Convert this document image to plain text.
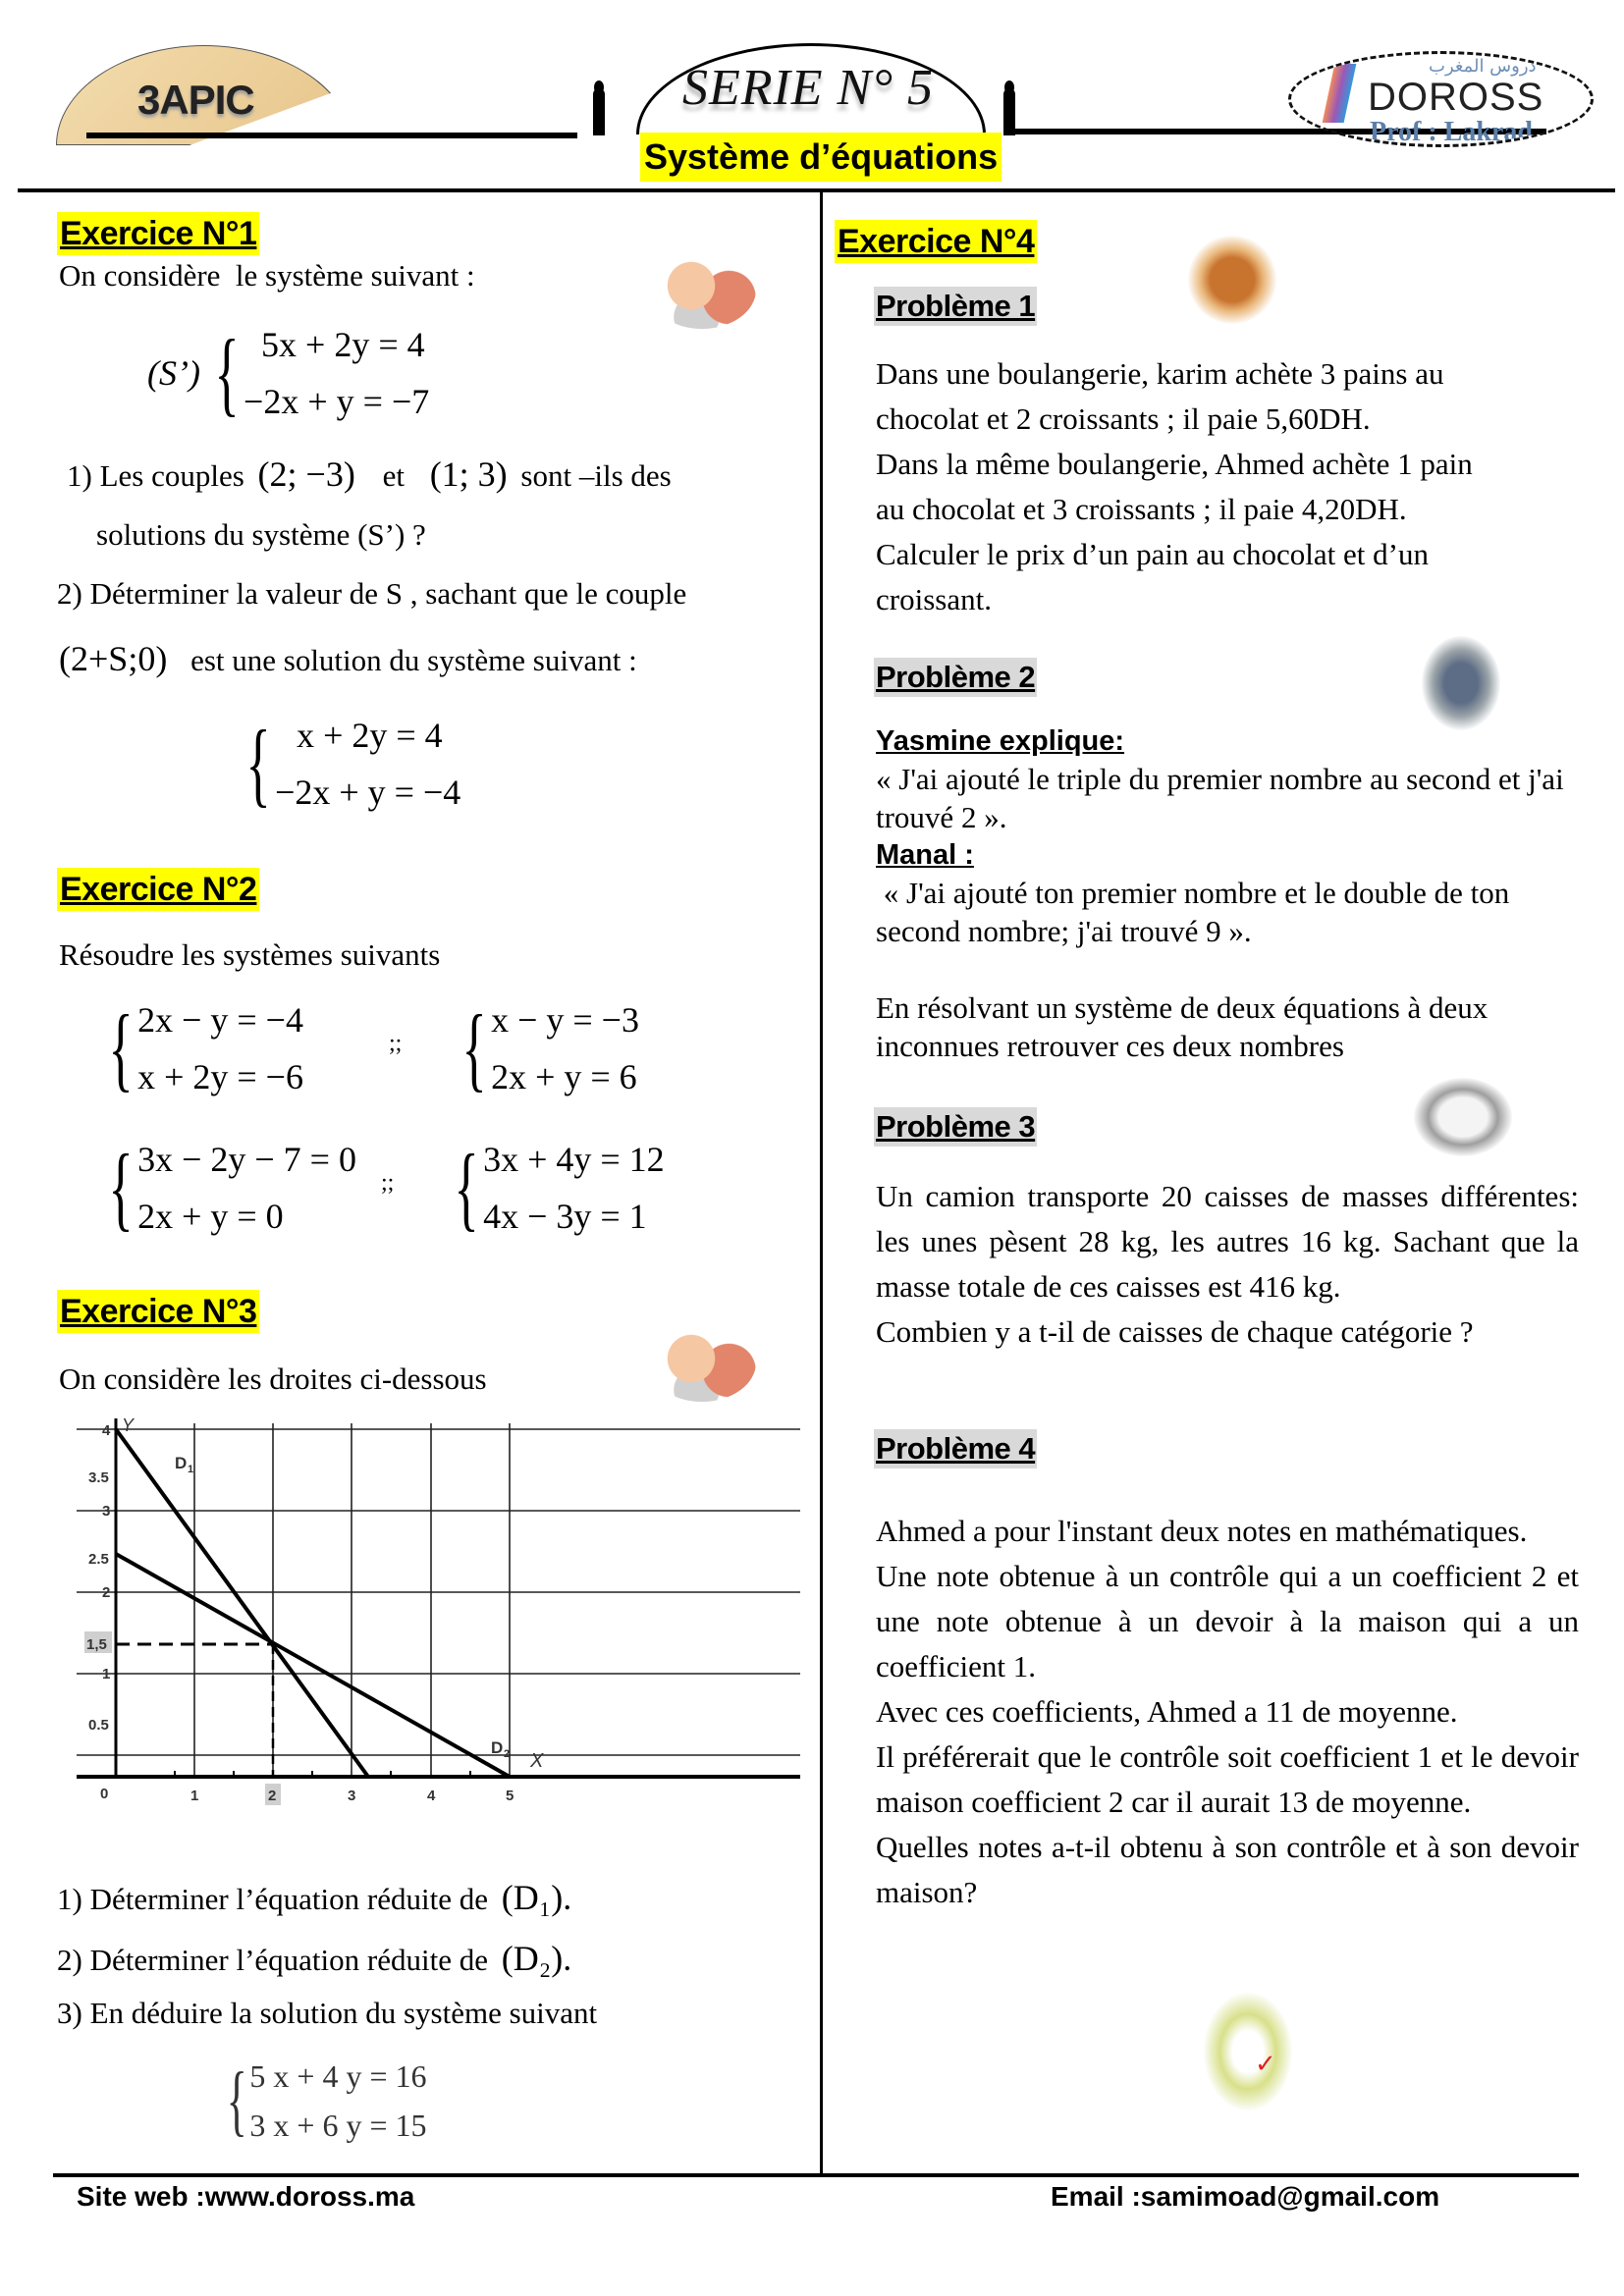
3APIC	SERIE N° 5
Système d’équations
دروس المغرب
DOROSS
Prof : Lakrad
Exercice N°1
On considère  le système suivant :
(S’) { 5x + 2y = 4
−2x + y = −7
1) Les couples (2; −3) et (1; 3) sont –ils des
solutions du système (S’) ?
2) Déterminer la valeur de S , sachant que le couple
(2+S;0) est une solution du système suivant :
{ x + 2y = 4
−2x + y = −4
Exercice N°2
Résoudre les systèmes suivants
{ 2x − y = −4
x + 2y = −6
;; { x − y = −3
2x + y = 6
{ 3x − 2y − 7 = 0
2x + y = 0
;; { 3x + 4y = 12
4x − 3y = 1
Exercice N°3
On considère les droites ci-dessous
4
3.5
3
2.5
2
1,5
1
0.5
0	1	2	3	4	5
D 1
D 2 X
Y
1) Déterminer l’équation réduite de (D₁).
2) Déterminer l’équation réduite de (D₂).
3) En déduire la solution du système suivant
{ 5 x + 4 y = 16
3 x + 6 y = 15
Exercice N°4
Problème 1
Dans une boulangerie, karim achète 3 pains au
chocolat et 2 croissants ; il paie 5,60DH.
Dans la même boulangerie, Ahmed achète 1 pain
au chocolat et 3 croissants ; il paie 4,20DH.
Calculer le prix d’un pain au chocolat et d’un
croissant.
Problème 2
Yasmine explique:
« J'ai ajouté le triple du premier nombre au second et j'ai trouvé 2 ».
Manal :
« J'ai ajouté ton premier nombre et le double de ton second nombre; j'ai trouvé 9 ».
En résolvant un système de deux équations à deux inconnues retrouver ces deux nombres
Problème 3
Un camion transporte 20 caisses de masses différentes: les unes pèsent 28 kg, les autres 16 kg. Sachant que la masse totale de ces caisses est 416 kg.
Combien y a t-il de caisses de chaque catégorie ?
Problème 4
Ahmed a pour l'instant deux notes en mathématiques.
Une note obtenue à un contrôle qui a un coefficient 2 et une note obtenue à un devoir à la maison qui a un coefficient 1.
Avec ces coefficients, Ahmed a 11 de moyenne.
Il préférerait que le contrôle soit coefficient 1 et le devoir maison coefficient 2 car il aurait 13 de moyenne.
Quelles notes a-t-il obtenu à son contrôle et à son devoir maison?
✓
Site web :www.doross.ma	Email :samimoad@gmail.com
